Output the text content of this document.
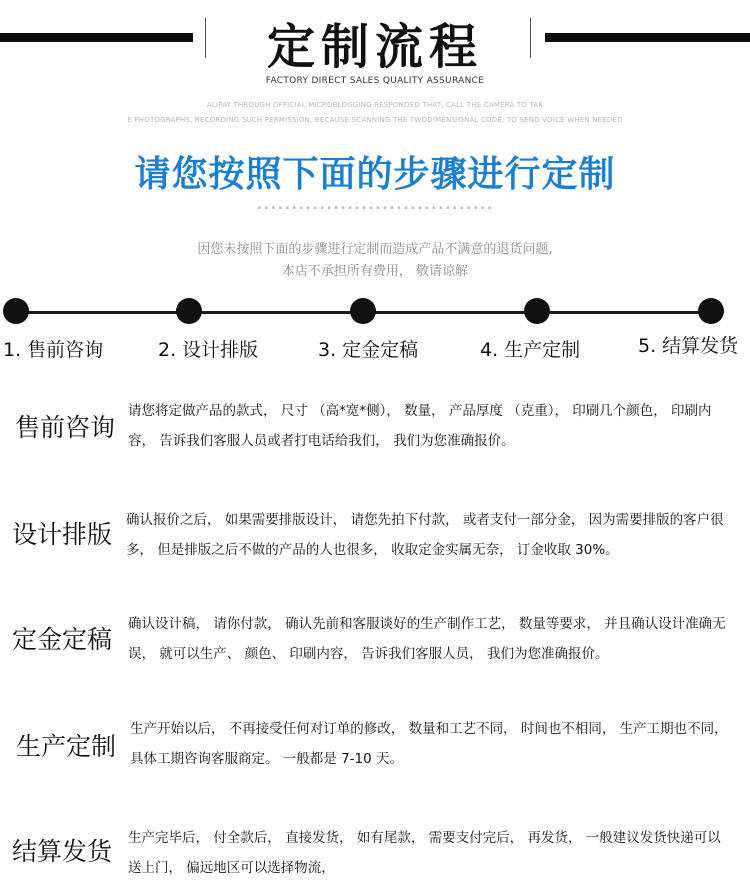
定制流程
FACTORY DIRECT SALES QUALITY ASSURANCE
ALIPAY THROUGH OFFICIAL MICROBLOGGING RESPONDED THAT, CALL THE CAMERA TO TAK
E PHOTOGRAPHS, RECORDING SUCH PERMISSION, BECAUSE SCANNING THE TWODIMENSIONAL CODE, TO SEND VOICE WHEN NEEDED
请您按照下面的步骤进行定制
▪ ▪ ▪ ▪ ▪ ▪ ▪ ▪ ▪ ▪ ▪ ▪ ▪ ▪ ▪ ▪ ▪ ▪ ▪ ▪ ▪ ▪ ▪ ▪ ▪ ▪ ▪ ▪ ▪ ▪ ▪ ▪ ▪ ▪
因您未按照下面的步骤进行定制而造成产品不满意的退货问题,
本店不承担所有费用， 敬请谅解
1. 售前咨询	2. 设计排版	3. 定金定稿	4. 生产定制	5. 结算发货
售前咨询
请您将定做产品的款式， 尺寸 （高*宽*侧）， 数量， 产品厚度 （克重）， 印刷几个颜色， 印刷内容， 告诉我们客服人员或者打电话给我们， 我们为您准确报价。
设计排版 确认报价之后， 如果需要排版设计， 请您先拍下付款， 或者支付一部分金， 因为需要排版的客户很多， 但是排版之后不做的产品的人也很多， 收取定金实属无奈， 订金收取 30%。
定金定稿
确认设计稿， 请你付款， 确认先前和客服谈好的生产制作工艺， 数量等要求， 并且确认设计准确无误， 就可以生产、 颜色、 印刷内容， 告诉我们客服人员， 我们为您准确报价。
生产定制
生产开始以后， 不再接受任何对订单的修改， 数量和工艺不同， 时间也不相同， 生产工期也不同， 具体工期咨询客服商定。 一般都是 7-10 天。
结算发货 生产完毕后， 付全款后， 直接发货， 如有尾款， 需要支付完后， 再发货， 一般建议发货快递可以送上门， 偏远地区可以选择物流，
